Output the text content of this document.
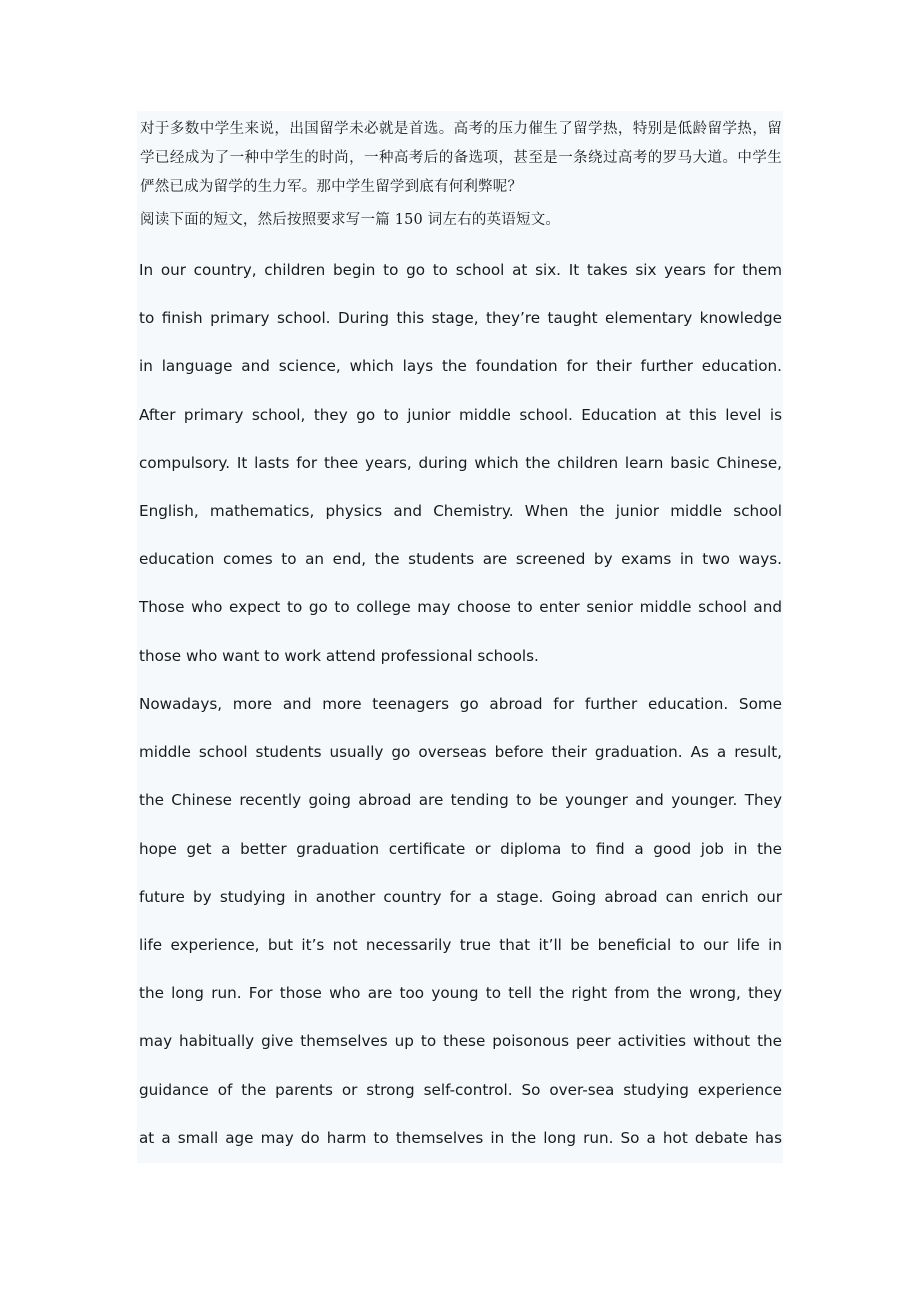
对于多数中学生来说，出国留学未必就是首选。高考的压力催生了留学热，特别是低龄留学热，留学已经成为了一种中学生的时尚，一种高考后的备选项，甚至是一条绕过高考的罗马大道。中学生俨然已成为留学的生力军。那中学生留学到底有何利弊呢？
阅读下面的短文，然后按照要求写一篇 150 词左右的英语短文。
In our country, children begin to go to school at six. It takes six years for them
to finish primary school. During this stage, they’re taught elementary knowledge
in language and science, which lays the foundation for their further education.
After primary school, they go to junior middle school. Education at this level is
compulsory. It lasts for thee years, during which the children learn basic Chinese,
English, mathematics, physics and Chemistry. When the junior middle school
education comes to an end, the students are screened by exams in two ways.
Those who expect to go to college may choose to enter senior middle school and
those who want to work attend professional schools.
Nowadays, more and more teenagers go abroad for further education. Some
middle school students usually go overseas before their graduation. As a result,
the Chinese recently going abroad are tending to be younger and younger. They
hope get a better graduation certificate or diploma to find a good job in the
future by studying in another country for a stage. Going abroad can enrich our
life experience, but it’s not necessarily true that it’ll be beneficial to our life in
the long run. For those who are too young to tell the right from the wrong, they
may habitually give themselves up to these poisonous peer activities without the
guidance of the parents or strong self-control. So over-sea studying experience
at a small age may do harm to themselves in the long run. So a hot debate has
